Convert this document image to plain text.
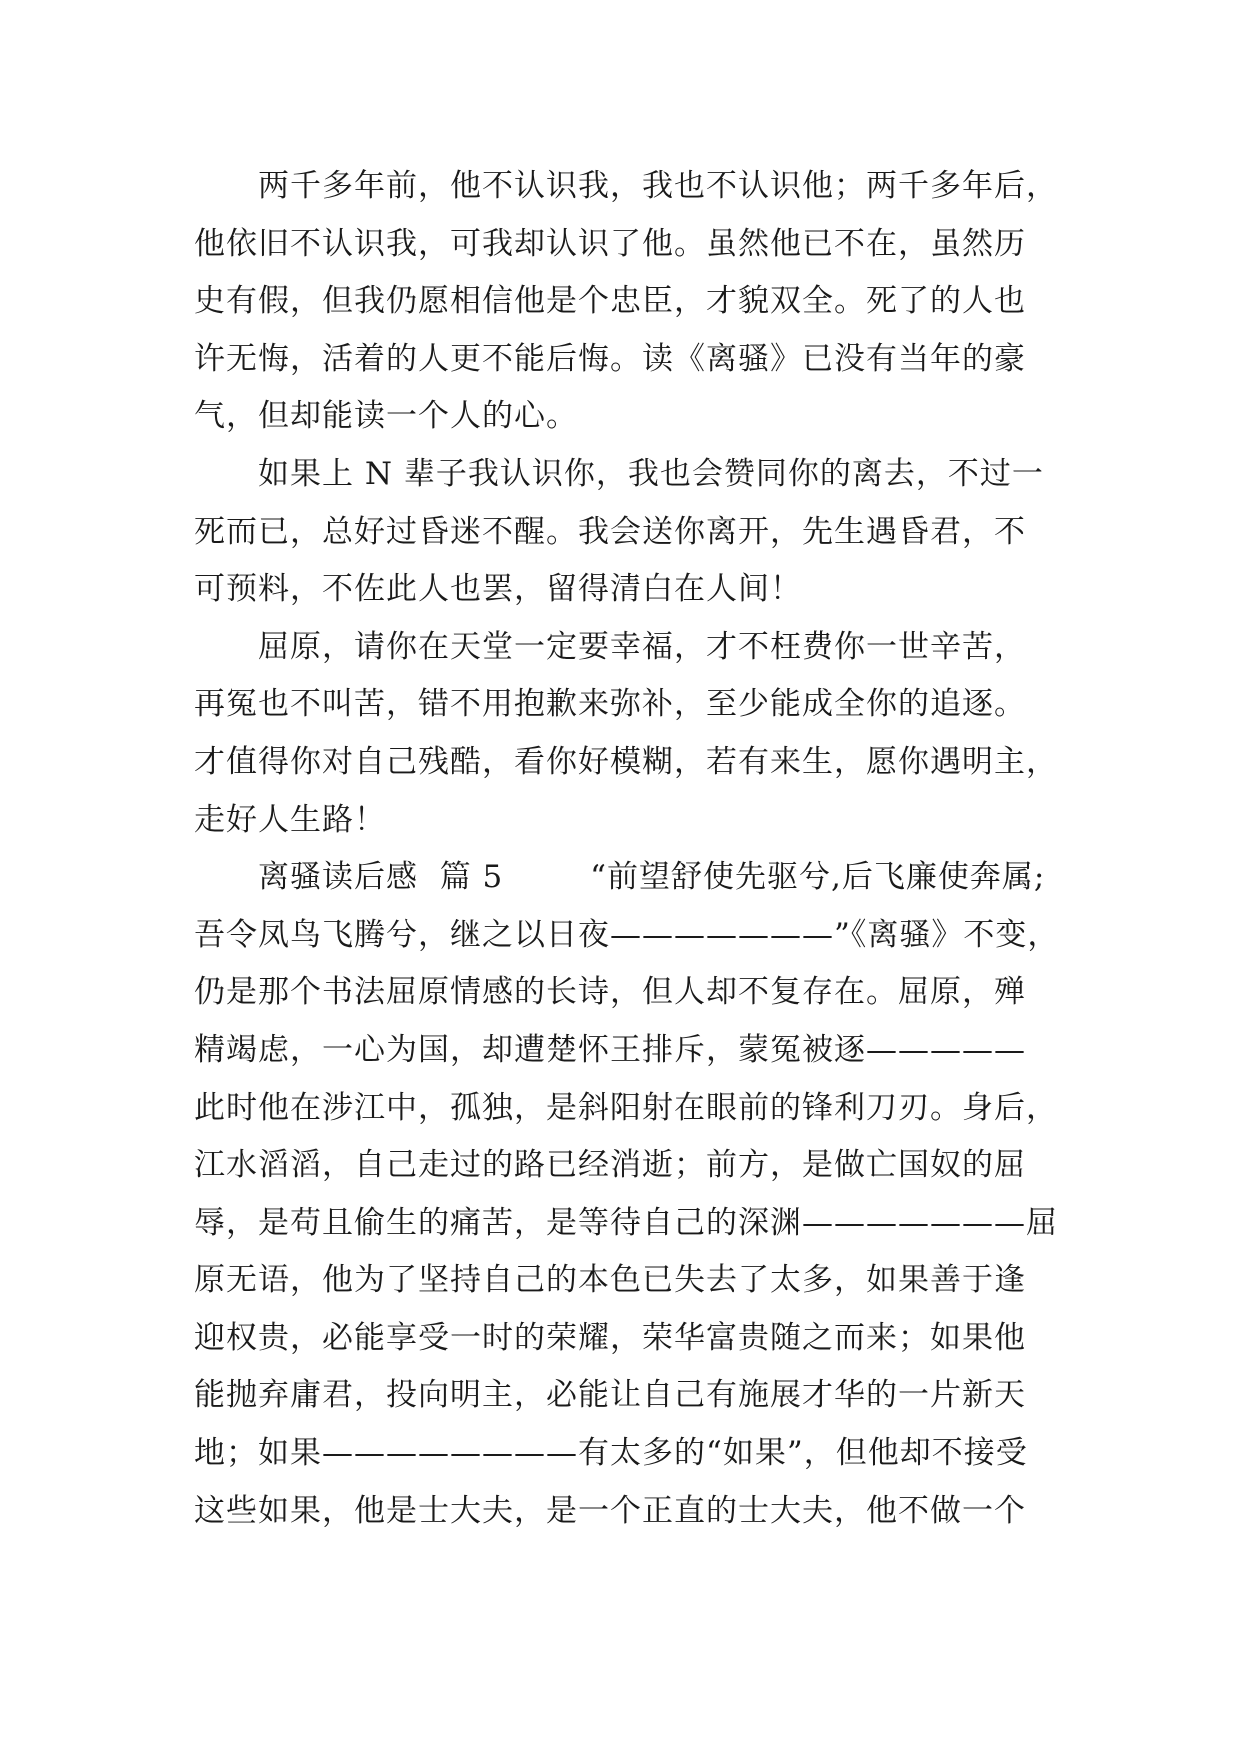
两千多年前，他不认识我，我也不认识他；两千多年后，
他依旧不认识我，可我却认识了他。虽然他已不在，虽然历
史有假，但我仍愿相信他是个忠臣，才貌双全。死了的人也
许无悔，活着的人更不能后悔。读《离骚》已没有当年的豪
气，但却能读一个人的心。
如果上 N 辈子我认识你，我也会赞同你的离去，不过一
死而已，总好过昏迷不醒。我会送你离开，先生遇昏君，不
可预料，不佐此人也罢，留得清白在人间！
屈原，请你在天堂一定要幸福，才不枉费你一世辛苦，
再冤也不叫苦，错不用抱歉来弥补，至少能成全你的追逐。
才值得你对自己残酷，看你好模糊，若有来生，愿你遇明主，
走好人生路！
离骚读后感  篇 5        “前望舒使先驱兮,后飞廉使奔属;
吾令凤鸟飞腾兮，继之以日夜———————”《离骚》不变，
仍是那个书法屈原情感的长诗，但人却不复存在。屈原，殚
精竭虑，一心为国，却遭楚怀王排斥，蒙冤被逐—————
此时他在涉江中，孤独，是斜阳射在眼前的锋利刀刃。身后，
江水滔滔，自己走过的路已经消逝；前方，是做亡国奴的屈
辱，是苟且偷生的痛苦，是等待自己的深渊———————屈
原无语，他为了坚持自己的本色已失去了太多，如果善于逢
迎权贵，必能享受一时的荣耀，荣华富贵随之而来；如果他
能抛弃庸君，投向明主，必能让自己有施展才华的一片新天
地；如果————————有太多的“如果”，但他却不接受
这些如果，他是士大夫，是一个正直的士大夫，他不做一个
